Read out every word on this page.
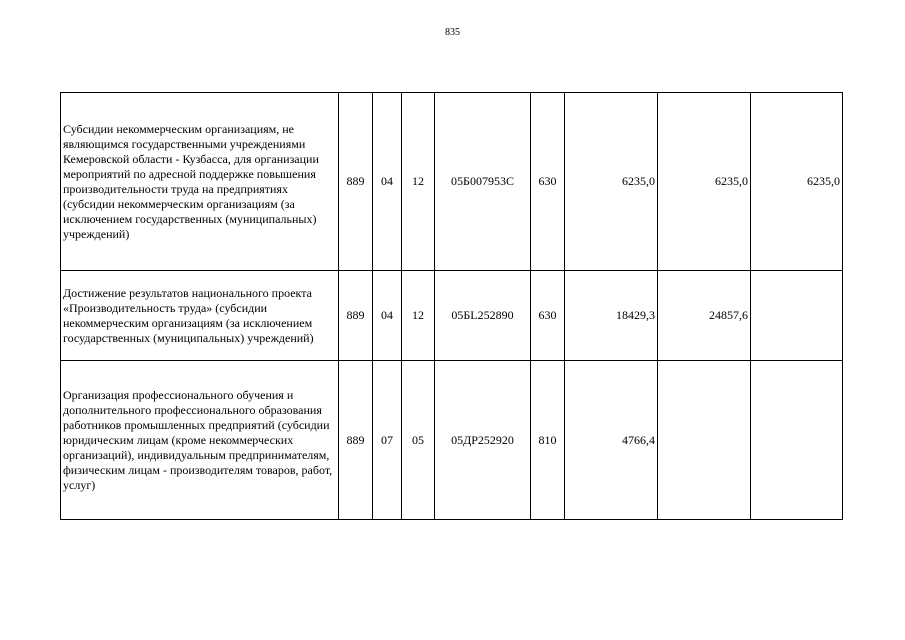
835
Субсидии некоммерческим организациям, не являющимся государственными учреждениями Кемеровской области - Кузбасса, для организации мероприятий по адресной поддержке повышения производительности труда на предприятиях (субсидии некоммерческим организациям (за исключением государственных (муниципальных) учреждений)	889	04	12	05Б007953С	630	6235,0	6235,0	6235,0
Достижение результатов национального проекта «Производительность труда» (субсидии некоммерческим организациям (за исключением государственных (муниципальных) учреждений)	889	04	12	05БL252890	630	18429,3	24857,6	
Организация профессионального обучения и дополнительного профессионального образования работников промышленных предприятий (субсидии юридическим лицам (кроме некоммерческих организаций), индивидуальным предпринимателям, физическим лицам - производителям товаров, работ, услуг)	889	07	05	05ДР252920	810	4766,4		
